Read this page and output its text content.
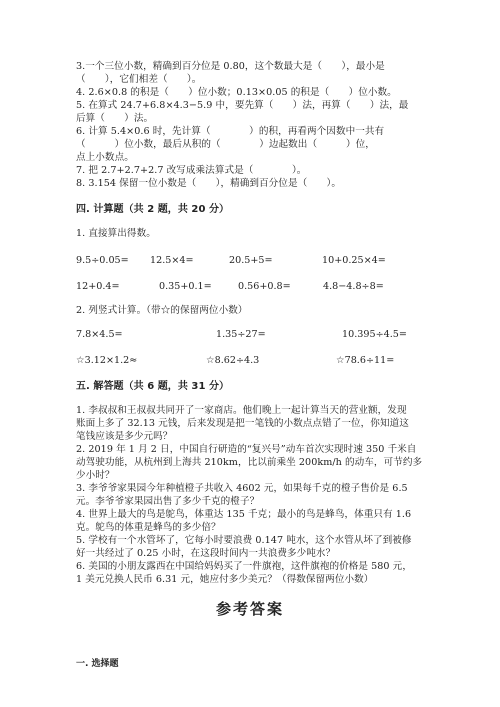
3.一个三位小数，精确到百分位是 0.80，这个数最大是（　　），最小是
（　　），它们相差（　　）。
4. 2.6×0.8 的积是（　　）位小数；0.13×0.05 的积是（　　）位小数。
5. 在算式 24.7+6.8×4.3−5.9 中，要先算（　　）法，再算（　　）法，最
后算（　　）法。
6. 计算 5.4×0.6 时，先计算（　　　　）的积，再看两个因数中一共有
（　　　）位小数，最后从积的（　　　　）边起数出（　　　）位，
点上小数点。
7. 把 2.7+2.7+2.7 改写成乘法算式是（　　　　）。
8. 3.154 保留一位小数是（　　），精确到百分位是（　　）。
四. 计算题（共 2 题，共 20 分）
1. 直接算出得数。
9.5÷0.05= 12.5×4=	20.5+5=	10+0.25×4=
12+0.4=	0.35+0.1=	0.56+0.8=	4.8−4.8÷8=
2. 列竖式计算。（带☆的保留两位小数）
7.8×4.5=	1.35÷27=	10.395÷4.5=
☆3.12×1.2≈	☆8.62÷4.3	☆78.6÷11=
五. 解答题（共 6 题，共 31 分）
1. 李叔叔和王叔叔共同开了一家商店。他们晚上一起计算当天的营业额，发现
账面上多了 32.13 元钱，后来发现是把一笔钱的小数点点错了一位，你知道这
笔钱应该是多少元吗？
2. 2019 年 1 月 2 日，中国自行研造的“复兴号”动车首次实现时速 350 千米自
动驾驶功能，从杭州到上海共 210km，比以前乘坐 200km/h 的动车，可节约多
少小时？
3. 李爷爷家果园今年种植橙子共收入 4602 元，如果每千克的橙子售价是 6.5
元。李爷爷家果园出售了多少千克的橙子？
4. 世界上最大的鸟是鸵鸟，体重达 135 千克；最小的鸟是蜂鸟，体重只有 1.6
克。鸵鸟的体重是蜂鸟的多少倍？
5. 学校有一个水管坏了，它每小时要浪费 0.147 吨水，这个水管从坏了到被修
好一共经过了 0.25 小时，在这段时间内一共浪费多少吨水？
6. 美国的小朋友露西在中国给妈妈买了一件旗袍，这件旗袍的价格是 580 元，
1 美元兑换人民币 6.31 元，她应付多少美元？（得数保留两位小数）
参考答案
一. 选择题
